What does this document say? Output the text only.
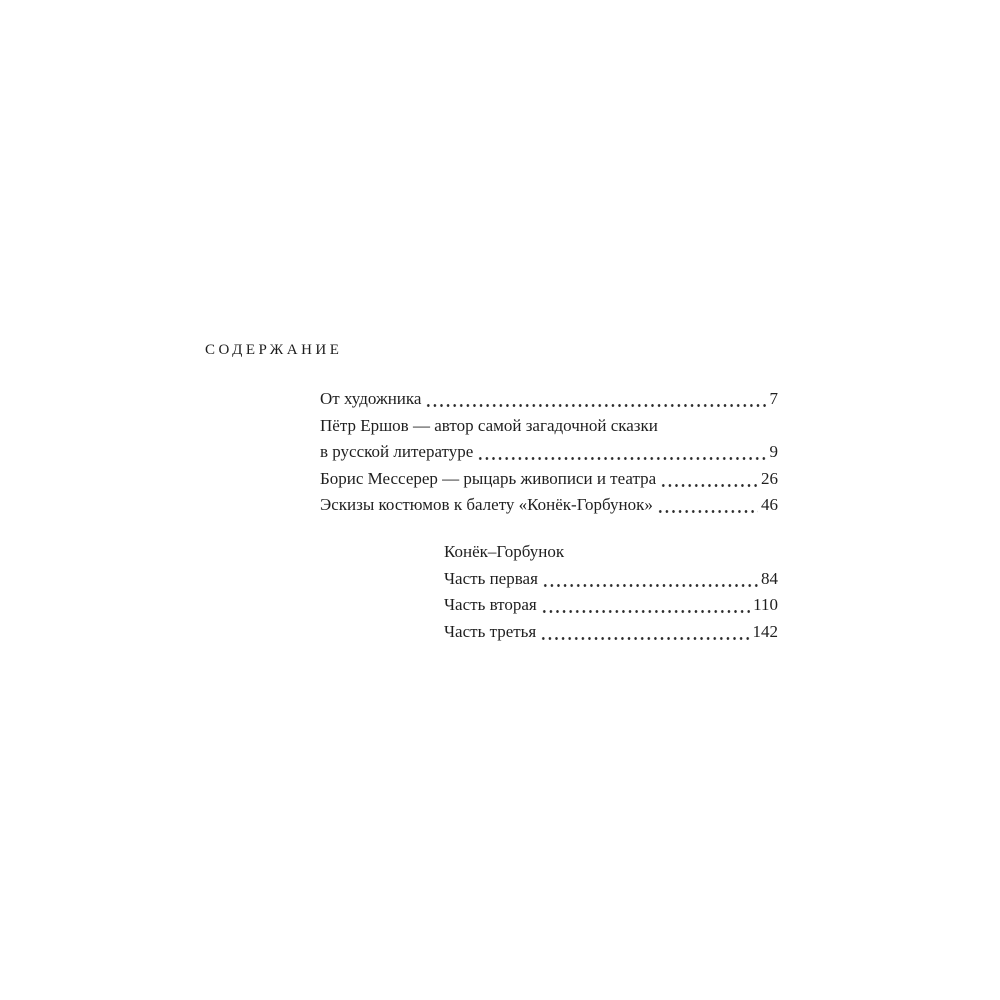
СОДЕРЖАНИЕ
От художника	7
Пётр Ершов — автор самой загадочной сказки
в русской литературе	9
Борис Мессерер — рыцарь живописи и театра	26
Эскизы костюмов к балету «Конёк-Горбунок»	46
Конёк–Горбунок
Часть первая	84
Часть вторая	110
Часть третья	142
